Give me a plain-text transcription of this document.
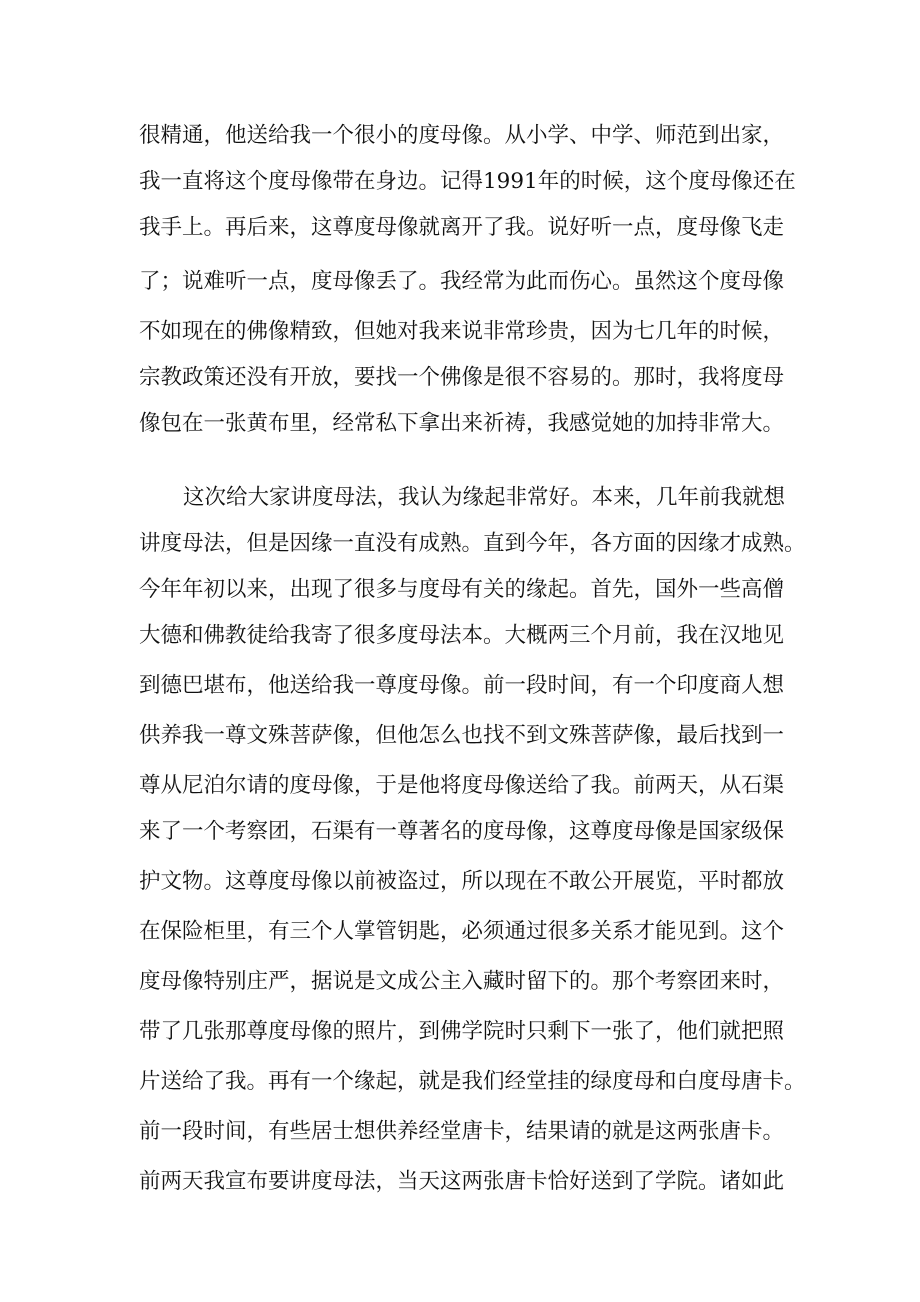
很精通，他送给我一个很小的度母像。从小学、中学、师范到出家，
我一直将这个度母像带在身边。记得1991年的时候，这个度母像还在
我手上。再后来，这尊度母像就离开了我。说好听一点，度母像飞走
了；说难听一点，度母像丢了。我经常为此而伤心。虽然这个度母像
不如现在的佛像精致，但她对我来说非常珍贵，因为七几年的时候，
宗教政策还没有开放，要找一个佛像是很不容易的。那时，我将度母
像包在一张黄布里，经常私下拿出来祈祷，我感觉她的加持非常大。
这次给大家讲度母法，我认为缘起非常好。本来，几年前我就想
讲度母法，但是因缘一直没有成熟。直到今年，各方面的因缘才成熟。
今年年初以来，出现了很多与度母有关的缘起。首先，国外一些高僧
大德和佛教徒给我寄了很多度母法本。大概两三个月前，我在汉地见
到德巴堪布，他送给我一尊度母像。前一段时间，有一个印度商人想
供养我一尊文殊菩萨像，但他怎么也找不到文殊菩萨像，最后找到一
尊从尼泊尔请的度母像，于是他将度母像送给了我。前两天，从石渠
来了一个考察团，石渠有一尊著名的度母像，这尊度母像是国家级保
护文物。这尊度母像以前被盗过，所以现在不敢公开展览，平时都放
在保险柜里，有三个人掌管钥匙，必须通过很多关系才能见到。这个
度母像特别庄严，据说是文成公主入藏时留下的。那个考察团来时，
带了几张那尊度母像的照片，到佛学院时只剩下一张了，他们就把照
片送给了我。再有一个缘起，就是我们经堂挂的绿度母和白度母唐卡。
前一段时间，有些居士想供养经堂唐卡，结果请的就是这两张唐卡。
前两天我宣布要讲度母法，当天这两张唐卡恰好送到了学院。诸如此
